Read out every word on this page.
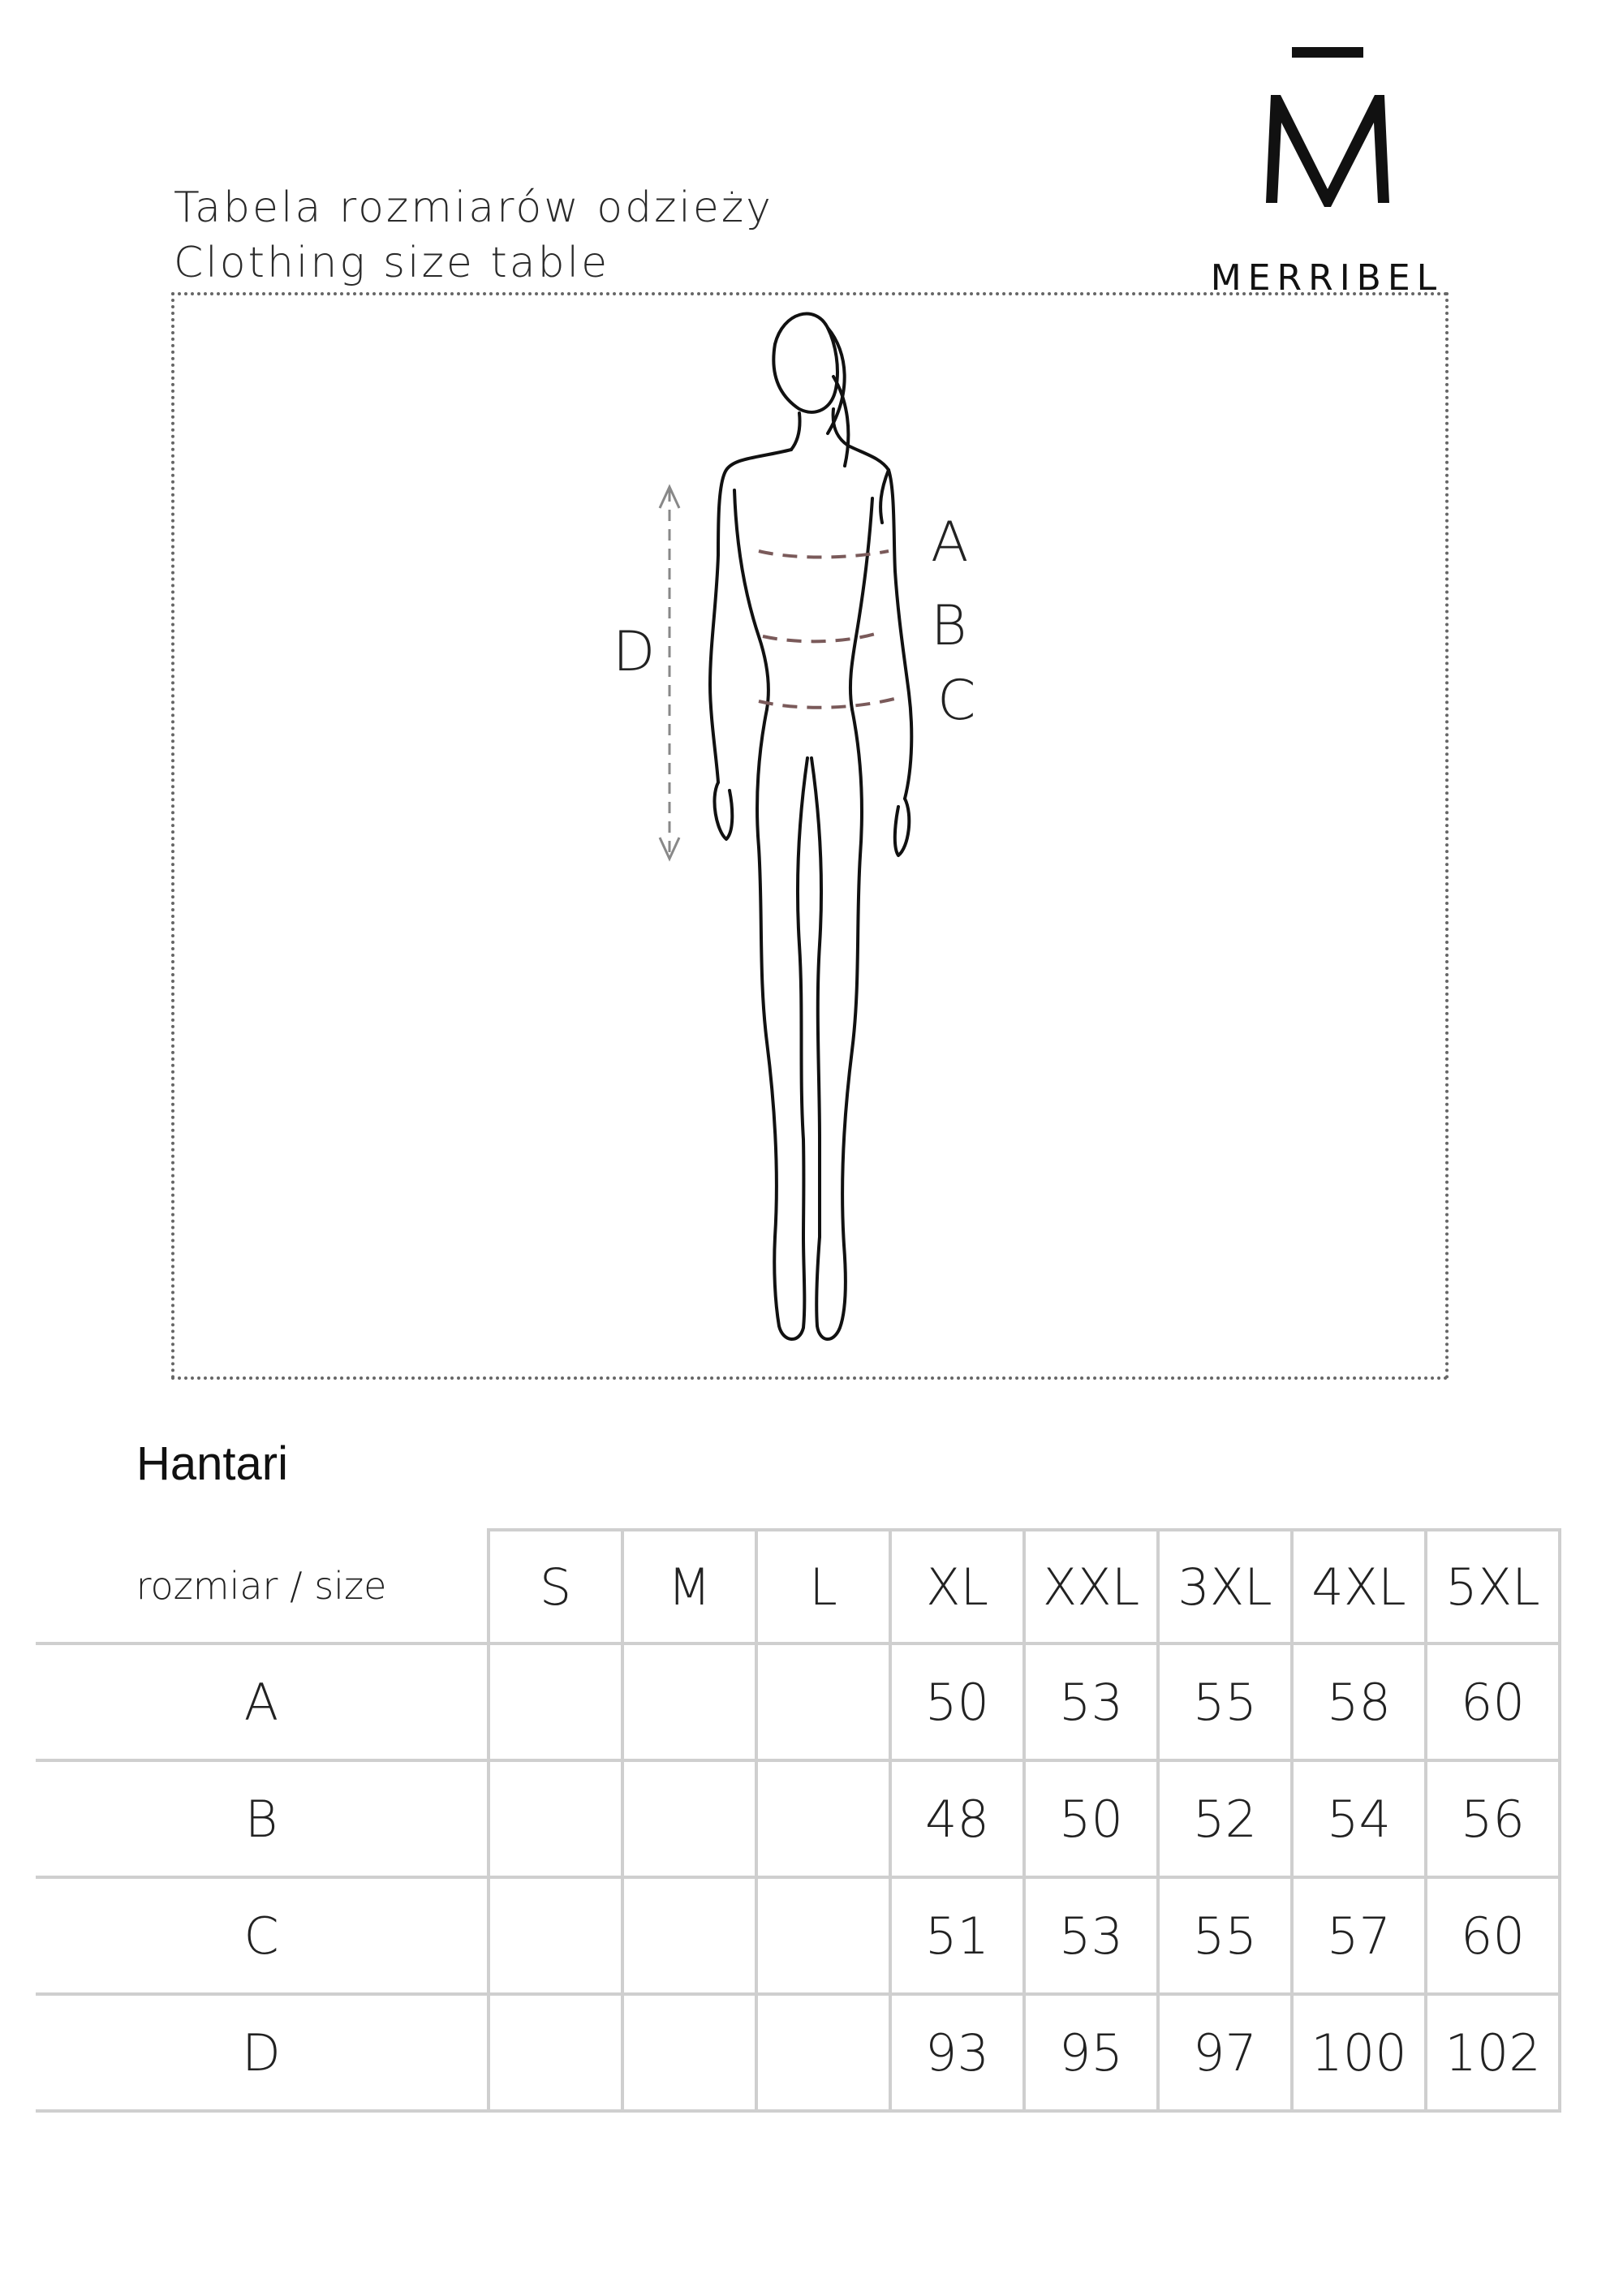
Tabela rozmiarów odzieży
Clothing size table	MERRIBEL
A
B
C
D
Hantari
rozmiar / size	S	M	L	XL	XXL	3XL	4XL	5XL
A				50	53	55	58	60
B				48	50	52	54	56
C				51	53	55	57	60
D				93	95	97	100	102
